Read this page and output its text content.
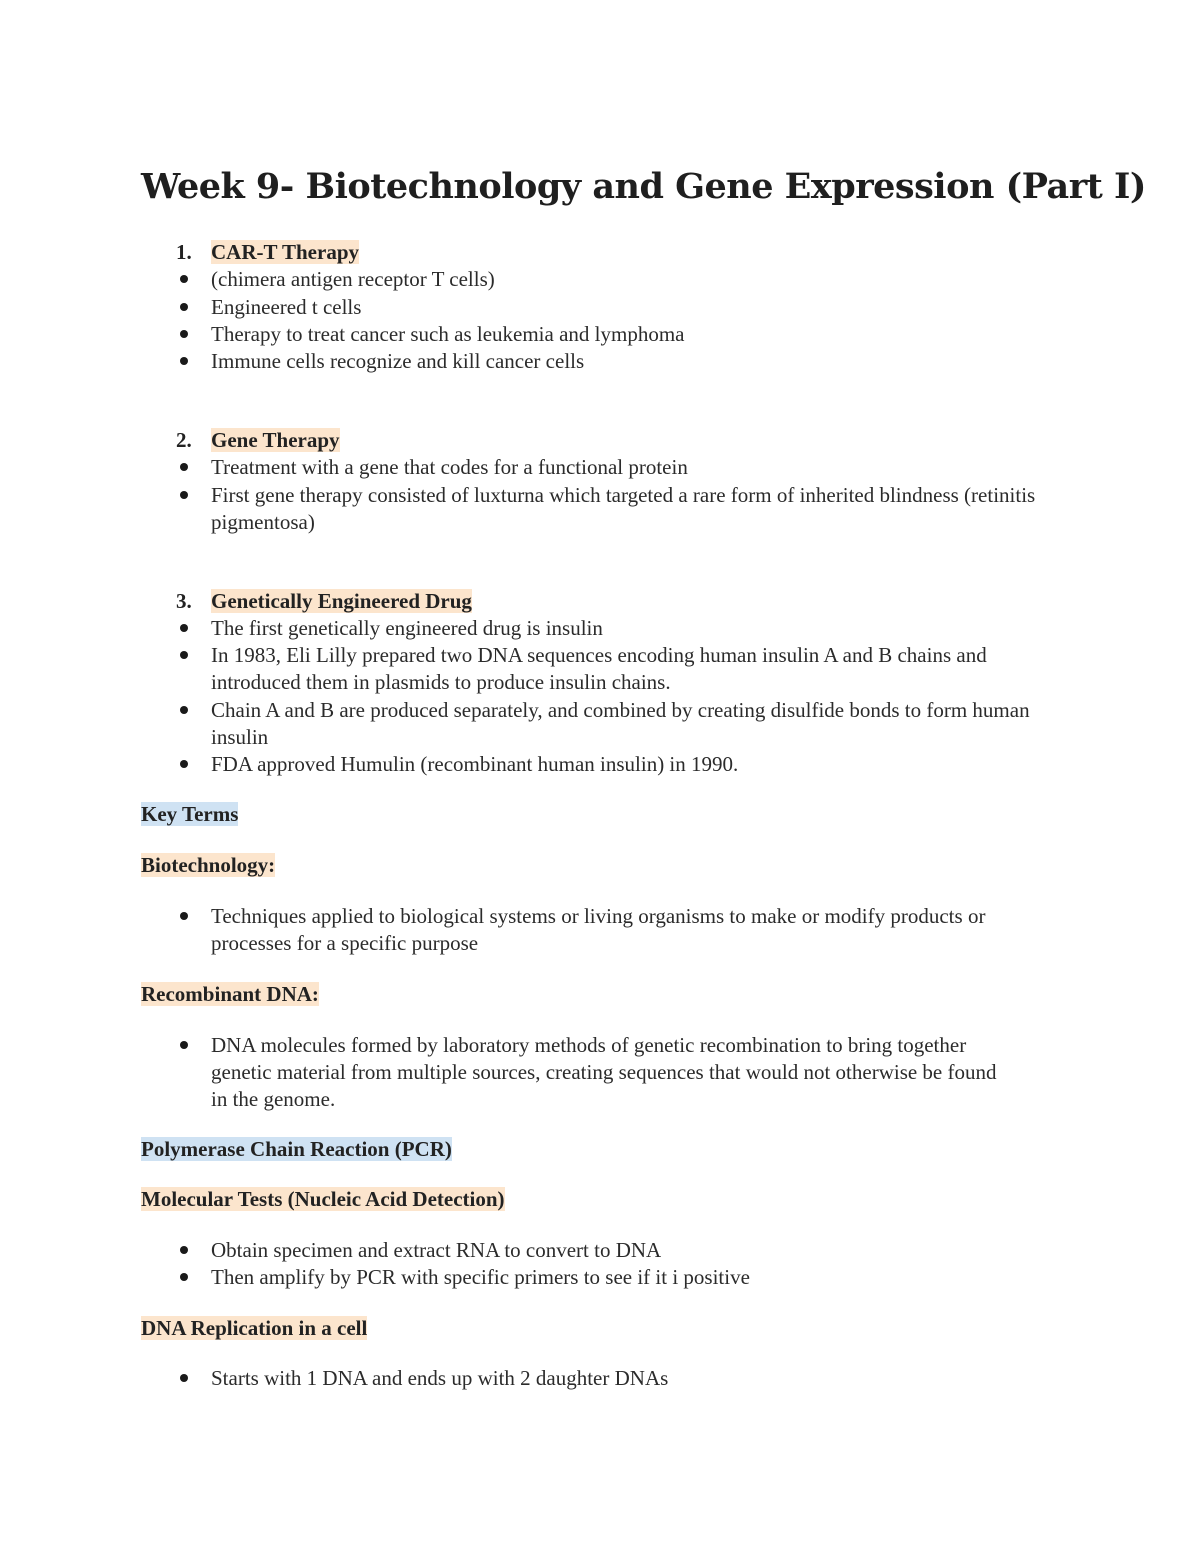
Week 9- Biotechnology and Gene Expression (Part I)
1. CAR-T Therapy
(chimera antigen receptor T cells)
Engineered t cells
Therapy to treat cancer such as leukemia and lymphoma
Immune cells recognize and kill cancer cells
2. Gene Therapy
Treatment with a gene that codes for a functional protein
First gene therapy consisted of luxturna which targeted a rare form of inherited blindness (retinitis pigmentosa)
3. Genetically Engineered Drug
The first genetically engineered drug is insulin
In 1983, Eli Lilly prepared two DNA sequences encoding human insulin A and B chains and introduced them in plasmids to produce insulin chains.
Chain A and B are produced separately, and combined by creating disulfide bonds to form human insulin
FDA approved Humulin (recombinant human insulin) in 1990.
Key Terms
Biotechnology:
Techniques applied to biological systems or living organisms to make or modify products or processes for a specific purpose
Recombinant DNA:
DNA molecules formed by laboratory methods of genetic recombination to bring together genetic material from multiple sources, creating sequences that would not otherwise be found in the genome.
Polymerase Chain Reaction (PCR)
Molecular Tests (Nucleic Acid Detection)
Obtain specimen and extract RNA to convert to DNA
Then amplify by PCR with specific primers to see if it i positive
DNA Replication in a cell
Starts with 1 DNA and ends up with 2 daughter DNAs
